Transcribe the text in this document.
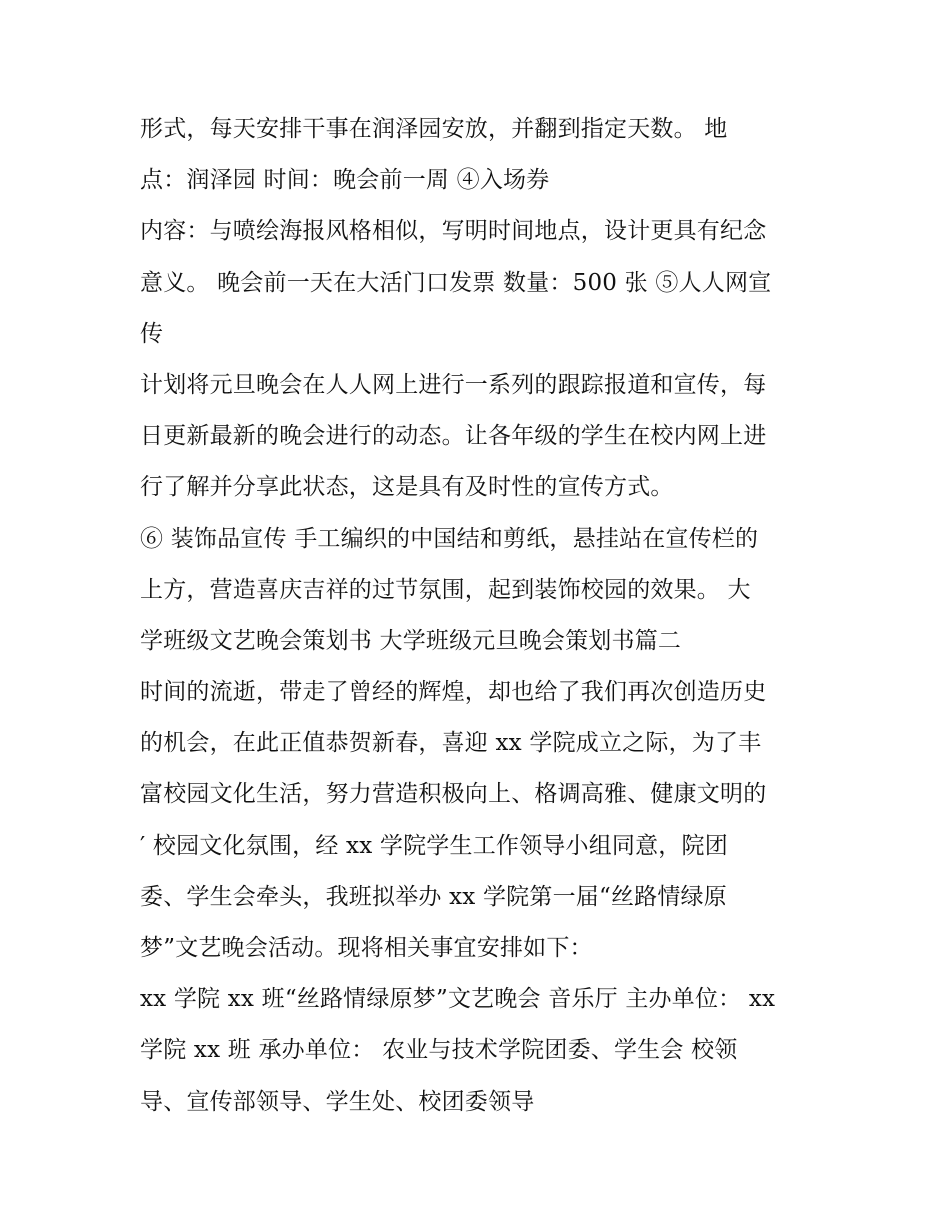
形式，每天安排干事在润泽园安放，并翻到指定天数。 地
点：润泽园 时间：晚会前一周 ④入场券
内容：与喷绘海报风格相似，写明时间地点，设计更具有纪念
意义。 晚会前一天在大活门口发票 数量：500 张 ⑤人人网宣
传
计划将元旦晚会在人人网上进行一系列的跟踪报道和宣传，每
日更新最新的晚会进行的动态。让各年级的学生在校内网上进
行了解并分享此状态，这是具有及时性的宣传方式。
⑥ 装饰品宣传 手工编织的中国结和剪纸，悬挂站在宣传栏的
上方，营造喜庆吉祥的过节氛围，起到装饰校园的效果。 大
学班级文艺晚会策划书 大学班级元旦晚会策划书篇二
时间的流逝，带走了曾经的辉煌，却也给了我们再次创造历史
的机会，在此正值恭贺新春，喜迎 xx 学院成立之际，为了丰
富校园文化生活，努力营造积极向上、格调高雅、健康文明的
′ 校园文化氛围，经 xx 学院学生工作领导小组同意，院团
委、学生会牵头，我班拟举办 xx 学院第一届“丝路情绿原
梦”文艺晚会活动。现将相关事宜安排如下：
xx 学院 xx 班“丝路情绿原梦”文艺晚会 音乐厅 主办单位： xx
学院 xx 班 承办单位： 农业与技术学院团委、学生会 校领
导、宣传部领导、学生处、校团委领导
